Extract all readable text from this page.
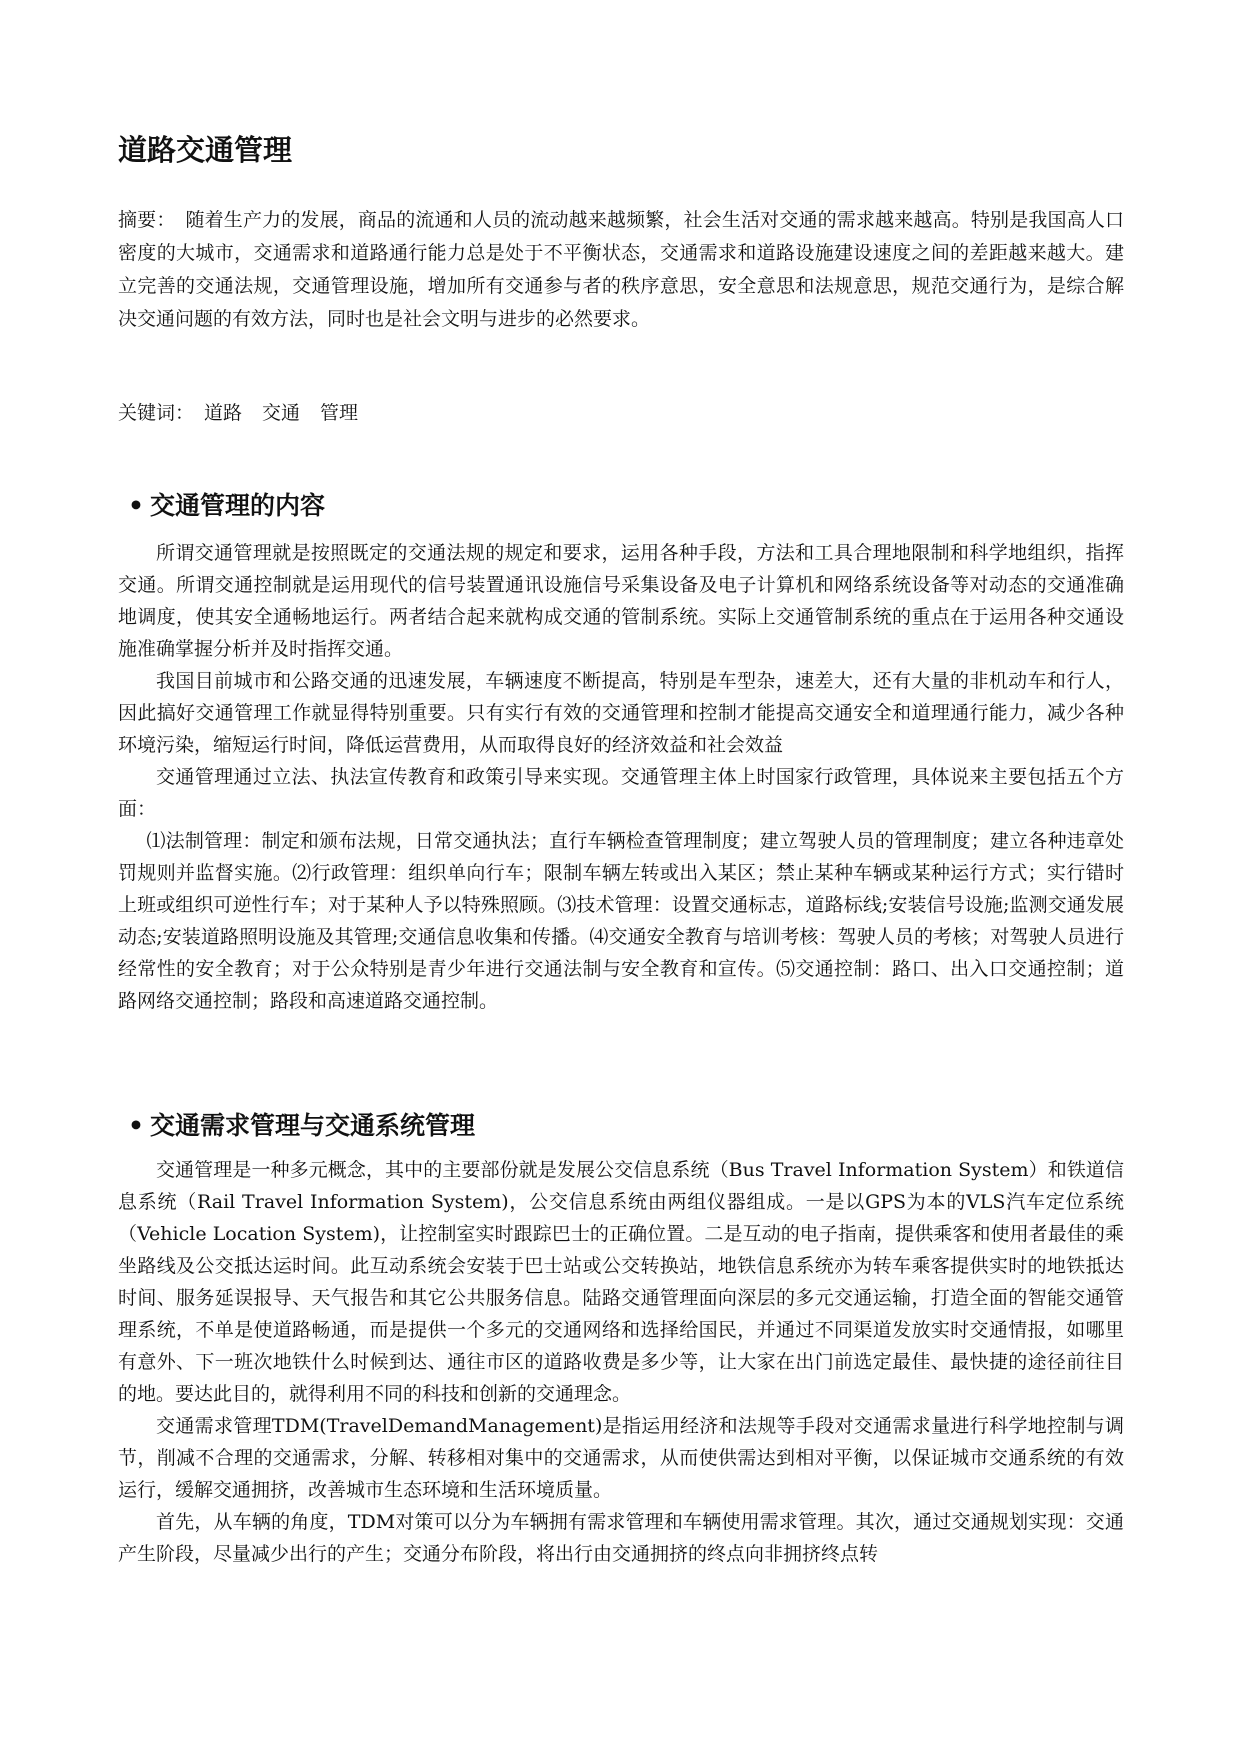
道路交通管理

摘要： 随着生产力的发展，商品的流通和人员的流动越来越频繁，社会生活对交通的需求越来越高。特别是我国高人口密度的大城市，交通需求和道路通行能力总是处于不平衡状态，交通需求和道路设施建设速度之间的差距越来越大。建立完善的交通法规，交通管理设施，增加所有交通参与者的秩序意思，安全意思和法规意思，规范交通行为，是综合解决交通问题的有效方法，同时也是社会文明与进步的必然要求。

关键词： 道路 交通 管理

• 交通管理的内容

所谓交通管理就是按照既定的交通法规的规定和要求，运用各种手段，方法和工具合理地限制和科学地组织，指挥交通。所谓交通控制就是运用现代的信号装置通讯设施信号采集设备及电子计算机和网络系统设备等对动态的交通准确地调度，使其安全通畅地运行。两者结合起来就构成交通的管制系统。实际上交通管制系统的重点在于运用各种交通设施准确掌握分析并及时指挥交通。

我国目前城市和公路交通的迅速发展，车辆速度不断提高，特别是车型杂，速差大，还有大量的非机动车和行人，因此搞好交通管理工作就显得特别重要。只有实行有效的交通管理和控制才能提高交通安全和道理通行能力，减少各种环境污染，缩短运行时间，降低运营费用，从而取得良好的经济效益和社会效益

交通管理通过立法、执法宣传教育和政策引导来实现。交通管理主体上时国家行政管理，具体说来主要包括五个方面：

⑴法制管理：制定和颁布法规，日常交通执法；直行车辆检查管理制度；建立驾驶人员的管理制度；建立各种违章处罚规则并监督实施。⑵行政管理：组织单向行车；限制车辆左转或出入某区；禁止某种车辆或某种运行方式；实行错时上班或组织可逆性行车；对于某种人予以特殊照顾。⑶技术管理：设置交通标志，道路标线;安装信号设施;监测交通发展动态;安装道路照明设施及其管理;交通信息收集和传播。⑷交通安全教育与培训考核：驾驶人员的考核；对驾驶人员进行经常性的安全教育；对于公众特别是青少年进行交通法制与安全教育和宣传。⑸交通控制：路口、出入口交通控制；道路网络交通控制；路段和高速道路交通控制。

• 交通需求管理与交通系统管理

交通管理是一种多元概念，其中的主要部份就是发展公交信息系统（Bus Travel Information System）和铁道信息系统（Rail Travel Information System)，公交信息系统由两组仪器组成。一是以GPS为本的VLS汽车定位系统（Vehicle Location System)，让控制室实时跟踪巴士的正确位置。二是互动的电子指南，提供乘客和使用者最佳的乘坐路线及公交抵达运时间。此互动系统会安装于巴士站或公交转换站，地铁信息系统亦为转车乘客提供实时的地铁抵达时间、服务延误报导、天气报告和其它公共服务信息。陆路交通管理面向深层的多元交通运输，打造全面的智能交通管理系统，不单是使道路畅通，而是提供一个多元的交通网络和选择给国民，并通过不同渠道发放实时交通情报，如哪里有意外、下一班次地铁什么时候到达、通往市区的道路收费是多少等，让大家在出门前选定最佳、最快捷的途径前往目的地。要达此目的，就得利用不同的科技和创新的交通理念。

交通需求管理TDM(TravelDemandManagement)是指运用经济和法规等手段对交通需求量进行科学地控制与调节，削减不合理的交通需求，分解、转移相对集中的交通需求，从而使供需达到相对平衡，以保证城市交通系统的有效运行，缓解交通拥挤，改善城市生态环境和生活环境质量。

首先，从车辆的角度，TDM对策可以分为车辆拥有需求管理和车辆使用需求管理。其次，通过交通规划实现：交通产生阶段，尽量减少出行的产生；交通分布阶段，将出行由交通拥挤的终点向非拥挤终点转
